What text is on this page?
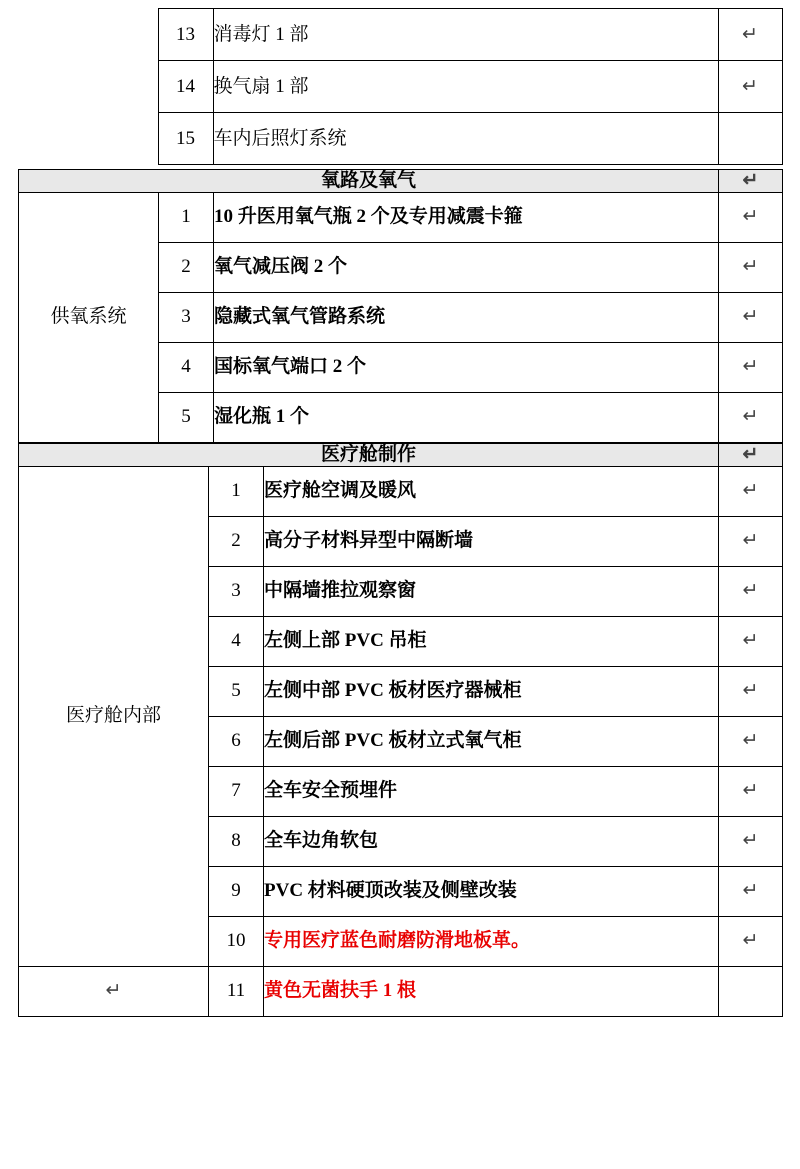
	13	消毒灯 1 部	↵
	14	换气扇 1 部	↵
	15	车内后照灯系统	
氧路及氧气			↵
供氧系统	1	10 升医用氧气瓶 2 个及专用减震卡箍	↵
	2	氧气减压阀 2 个	↵
	3	隐藏式氧气管路系统	↵
	4	国标氧气端口 2 个	↵
	5	湿化瓶 1 个	↵
医疗舱制作			↵
医疗舱内部	1	医疗舱空调及暖风	↵
	2	高分子材料异型中隔断墙	↵
	3	中隔墙推拉观察窗	↵
	4	左侧上部 PVC 吊柜	↵
	5	左侧中部 PVC 板材医疗器械柜	↵
	6	左侧后部 PVC 板材立式氧气柜	↵
	7	全车安全预埋件	↵
	8	全车边角软包	↵
	9	PVC 材料硬顶改装及侧壁改装	↵
	10	专用医疗蓝色耐磨防滑地板革。	↵
↵	11	黄色无菌扶手 1 根	
